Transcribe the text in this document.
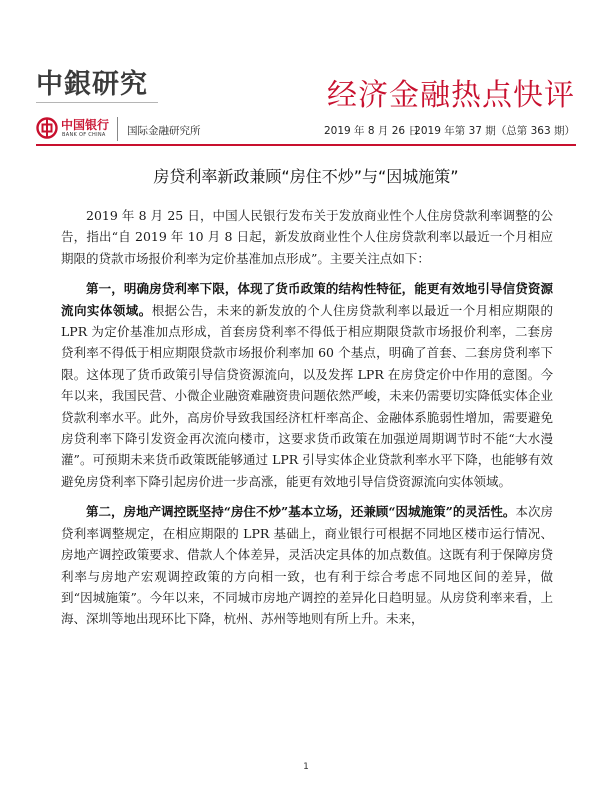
中銀研究	经济金融热点快评
中国银行
BANK OF CHINA 国际金融研究所	2019 年 8 月 26 日
2019 年第 37 期（总第 363 期）
房贷利率新政兼顾“房住不炒”与“因城施策”

2019 年 8 月 25 日，中国人民银行发布关于发放商业性个人住房贷款利率调整的公告，指出“自 2019 年 10 月 8 日起，新发放商业性个人住房贷款利率以最近一个月相应期限的贷款市场报价利率为定价基准加点形成”。主要关注点如下：

第一，明确房贷利率下限，体现了货币政策的结构性特征，能更有效地引导信贷资源流向实体领域。根据公告，未来的新发放的个人住房贷款利率以最近一个月相应期限的 LPR 为定价基准加点形成，首套房贷利率不得低于相应期限贷款市场报价利率，二套房贷利率不得低于相应期限贷款市场报价利率加 60 个基点，明确了首套、二套房贷利率下限。这体现了货币政策引导信贷资源流向，以及发挥 LPR 在房贷定价中作用的意图。今年以来，我国民营、小微企业融资难融资贵问题依然严峻，未来仍需要切实降低实体企业贷款利率水平。此外，高房价导致我国经济杠杆率高企、金融体系脆弱性增加，需要避免房贷利率下降引发资金再次流向楼市，这要求货币政策在加强逆周期调节时不能“大水漫灌”。可预期未来货币政策既能够通过 LPR 引导实体企业贷款利率水平下降，也能够有效避免房贷利率下降引起房价进一步高涨，能更有效地引导信贷资源流向实体领域。

第二，房地产调控既坚持“房住不炒”基本立场，还兼顾“因城施策”的灵活性。本次房贷利率调整规定，在相应期限的 LPR 基础上，商业银行可根据不同地区楼市运行情况、房地产调控政策要求、借款人个体差异，灵活决定具体的加点数值。这既有利于保障房贷利率与房地产宏观调控政策的方向相一致，也有利于综合考虑不同地区间的差异，做到“因城施策”。今年以来，不同城市房地产调控的差异化日趋明显。从房贷利率来看，上海、深圳等地出现环比下降，杭州、苏州等地则有所上升。未来，

1
